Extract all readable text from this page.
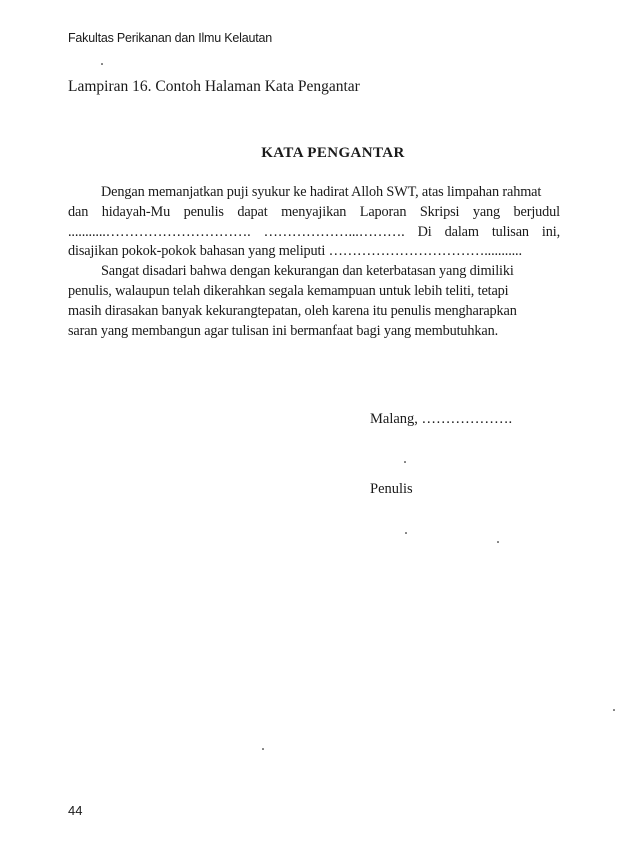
Fakultas Perikanan dan Ilmu Kelautan
Lampiran 16. Contoh Halaman Kata Pengantar
KATA PENGANTAR
Dengan memanjatkan puji syukur ke hadirat Alloh SWT, atas limpahan rahmat
dan hidayah-Mu penulis dapat menyajikan Laporan Skripsi yang berjudul
...........…………………………. ………………...………. Di dalam tulisan ini,
disajikan pokok-pokok bahasan yang meliputi ……………………………...........
Sangat disadari bahwa dengan kekurangan dan keterbatasan yang dimiliki
penulis, walaupun telah dikerahkan segala kemampuan untuk lebih teliti, tetapi
masih dirasakan banyak kekurangtepatan, oleh karena itu penulis mengharapkan
saran yang membangun agar tulisan ini bermanfaat bagi yang membutuhkan.
Malang, ……………….
Penulis
44
